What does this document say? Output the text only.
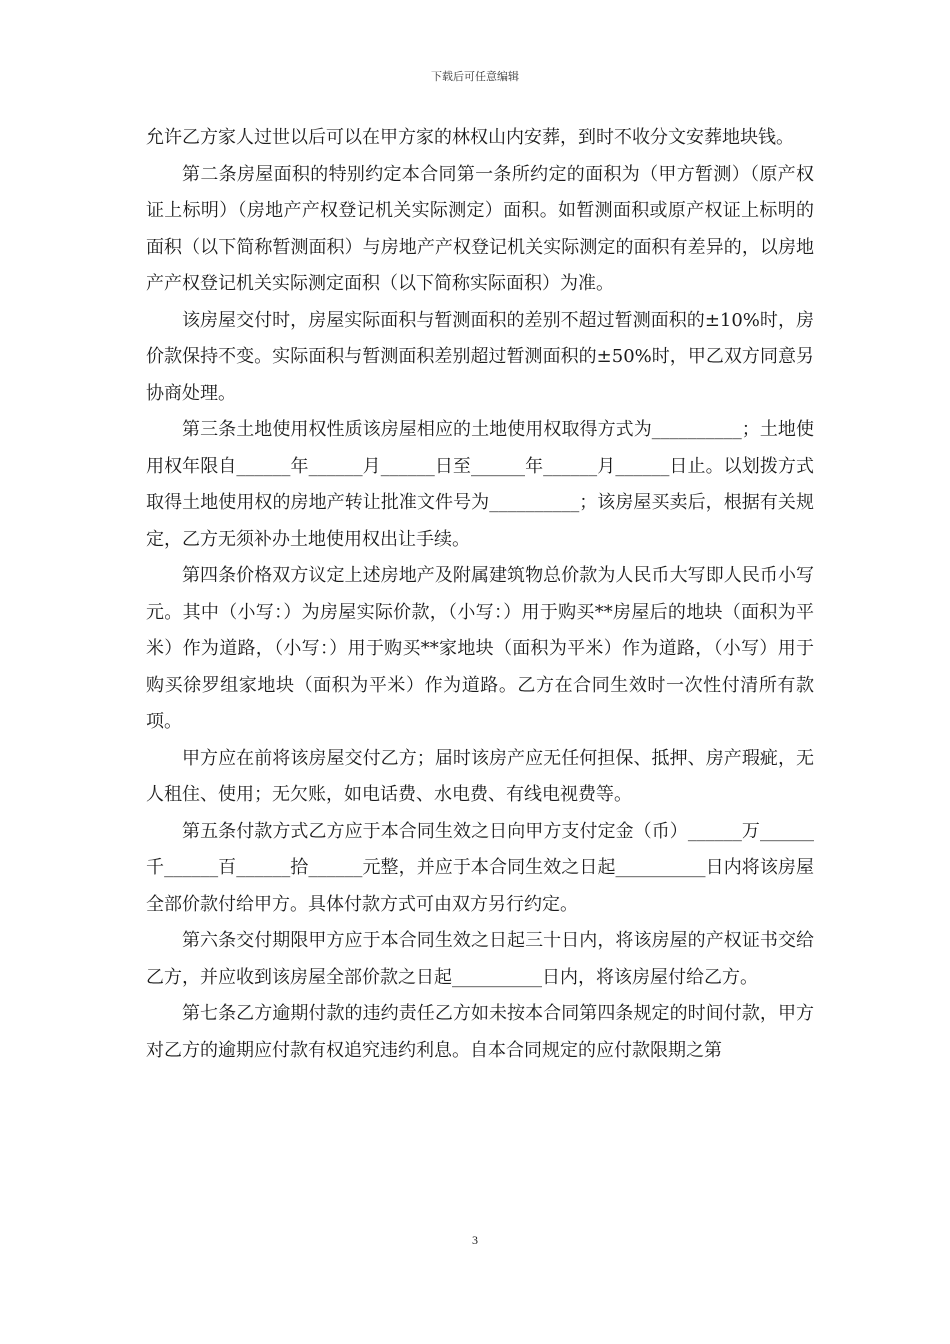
下载后可任意编辑

允许乙方家人过世以后可以在甲方家的林权山内安葬，到时不收分文安葬地块钱。

第二条房屋面积的特别约定本合同第一条所约定的面积为（甲方暂测）（原产权证上标明）（房地产产权登记机关实际测定）面积。如暂测面积或原产权证上标明的面积（以下简称暂测面积）与房地产产权登记机关实际测定的面积有差异的，以房地产产权登记机关实际测定面积（以下简称实际面积）为准。

该房屋交付时，房屋实际面积与暂测面积的差别不超过暂测面积的±10%时，房价款保持不变。实际面积与暂测面积差别超过暂测面积的±50%时，甲乙双方同意另协商处理。

第三条土地使用权性质该房屋相应的土地使用权取得方式为__________；土地使用权年限自______年______月______日至______年______月______日止。以划拨方式取得土地使用权的房地产转让批准文件号为__________；该房屋买卖后，根据有关规定，乙方无须补办土地使用权出让手续。

第四条价格双方议定上述房地产及附属建筑物总价款为人民币大写即人民币小写元。其中（小写：）为房屋实际价款，（小写：）用于购买**房屋后的地块（面积为平米）作为道路，（小写：）用于购买**家地块（面积为平米）作为道路，（小写）用于购买徐罗组家地块（面积为平米）作为道路。乙方在合同生效时一次性付清所有款项。

甲方应在前将该房屋交付乙方；届时该房产应无任何担保、抵押、房产瑕疵，无人租住、使用；无欠账，如电话费、水电费、有线电视费等。

第五条付款方式乙方应于本合同生效之日向甲方支付定金（币）______万______千______百______拾______元整，并应于本合同生效之日起__________日内将该房屋全部价款付给甲方。具体付款方式可由双方另行约定。

第六条交付期限甲方应于本合同生效之日起三十日内，将该房屋的产权证书交给乙方，并应收到该房屋全部价款之日起__________日内，将该房屋付给乙方。

第七条乙方逾期付款的违约责任乙方如未按本合同第四条规定的时间付款，甲方对乙方的逾期应付款有权追究违约利息。自本合同规定的应付款限期之第

3
